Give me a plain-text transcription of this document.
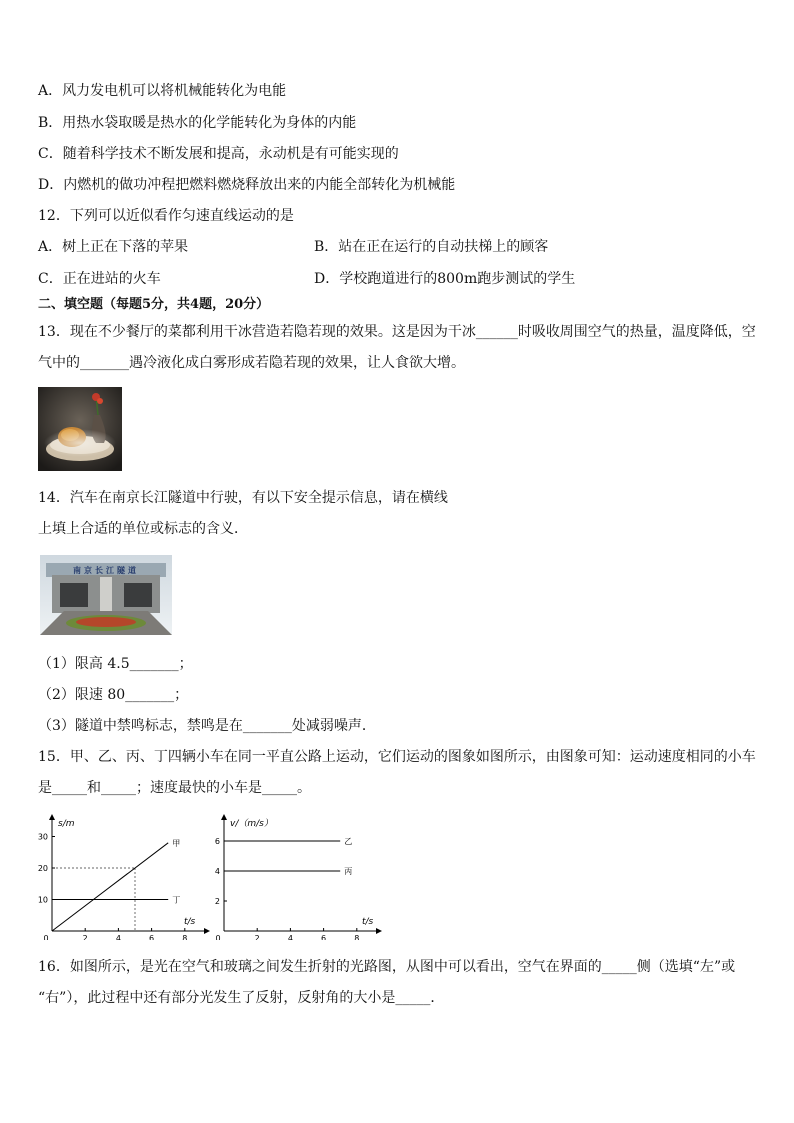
A．风力发电机可以将机械能转化为电能
B．用热水袋取暖是热水的化学能转化为身体的内能
C．随着科学技术不断发展和提高，永动机是有可能实现的
D．内燃机的做功冲程把燃料燃烧释放出来的内能全部转化为机械能
12．下列可以近似看作匀速直线运动的是
A．树上正在下落的苹果	B．站在正在运行的自动扶梯上的顾客
C．正在进站的火车	D．学校跑道进行的800m跑步测试的学生
二、填空题（每题5分，共4题，20分）
13．现在不少餐厅的菜都利用干冰营造若隐若现的效果。这是因为干冰______时吸收周围空气的热量，温度降低，空
气中的_______遇冷液化成白雾形成若隐若现的效果，让人食欲大增。
14．汽车在南京长江隧道中行驶，有以下安全提示信息，请在横线
上填上合适的单位或标志的含义．
南京长江隧道
（1）限高 4.5_______；
（2）限速 80_______；
（3）隧道中禁鸣标志，禁鸣是在_______处减弱噪声．
15．甲、乙、丙、丁四辆小车在同一平直公路上运动，它们运动的图象如图所示，由图象可知：运动速度相同的小车
是_____和_____；速度最快的小车是_____。
0	2	4	6	8
10
20
30
甲
丁
s/m
t/s
0	2	4	6	8
2
4
6	乙
丙
v/（m/s）
t/s
16．如图所示，是光在空气和玻璃之间发生折射的光路图，从图中可以看出，空气在界面的_____侧（选填“左”或
“右”），此过程中还有部分光发生了反射，反射角的大小是_____．
